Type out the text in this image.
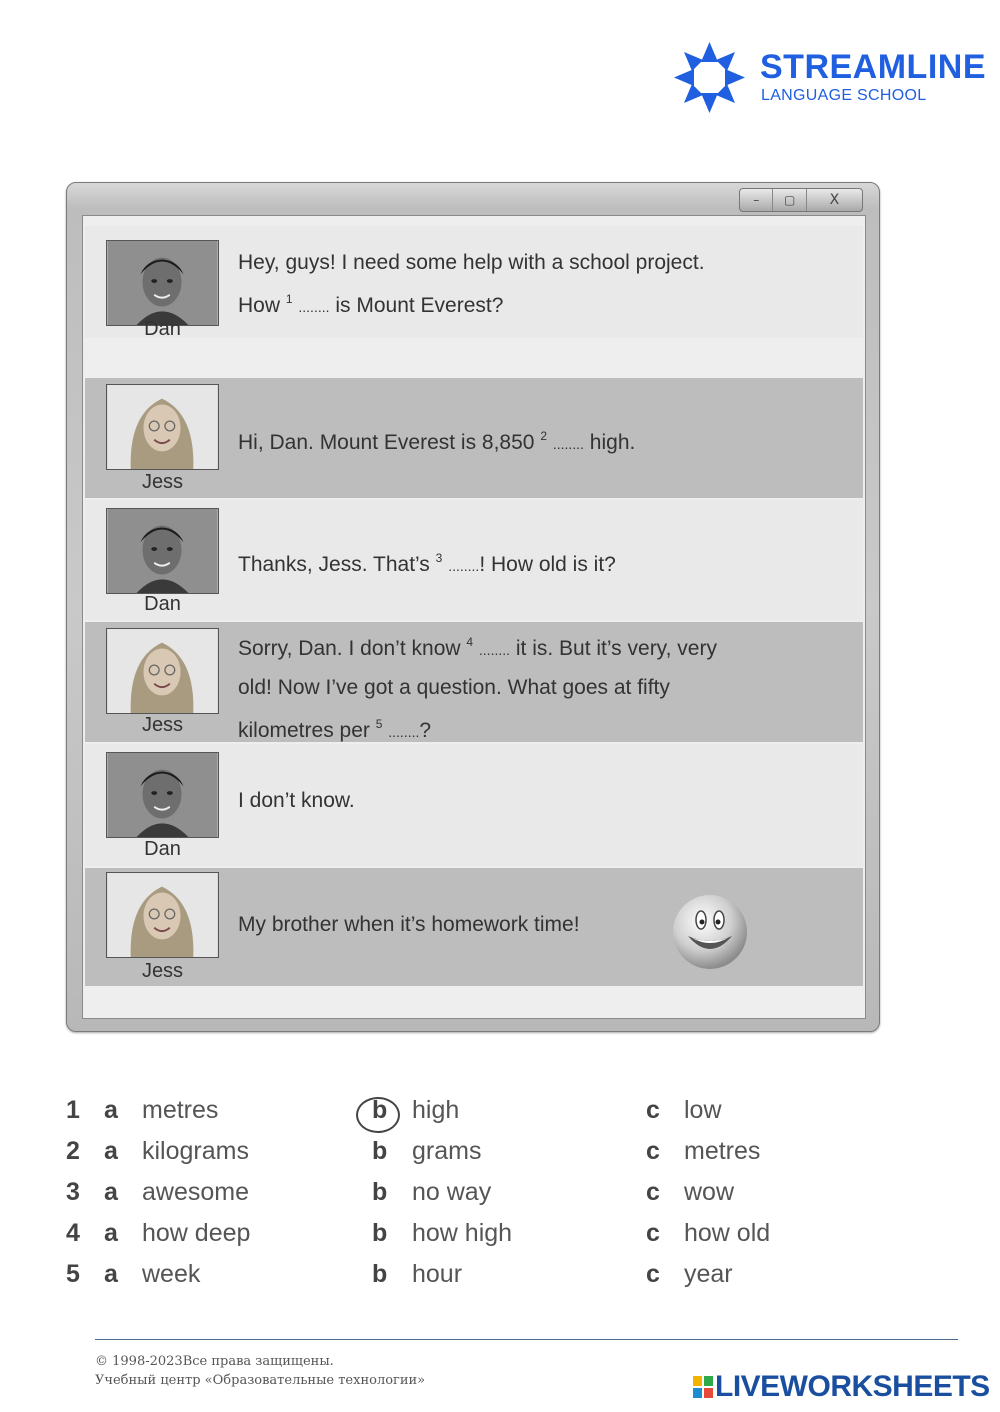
STREAMLINE
LANGUAGE SCHOOL
–	▢	X
Dan
Hey, guys! I need some help with a school project.
How $^1$ ........ is Mount Everest?
Jess
Hi, Dan. Mount Everest is 8,850 $^2$ ........ high.
Dan
Thanks, Jess. That’s $^3$ ........! How old is it?
Jess
Sorry, Dan. I don’t know $^4$ ........ it is. But it’s very, very
old! Now I’ve got a question. What goes at fifty
kilometres per $^5$ ........?
Dan
I don’t know.
Jess
My brother when it’s homework time!
1 a metres	b high	c low
2 a kilograms	b grams	c metres
3 a awesome	b no way	c wow
4 a how deep	b how high	c how old
5 a week	b hour	c year
© 1998-2023Все права защищены.
Учебный центр «Образовательные технологии»	LIVEWORKSHEETS
